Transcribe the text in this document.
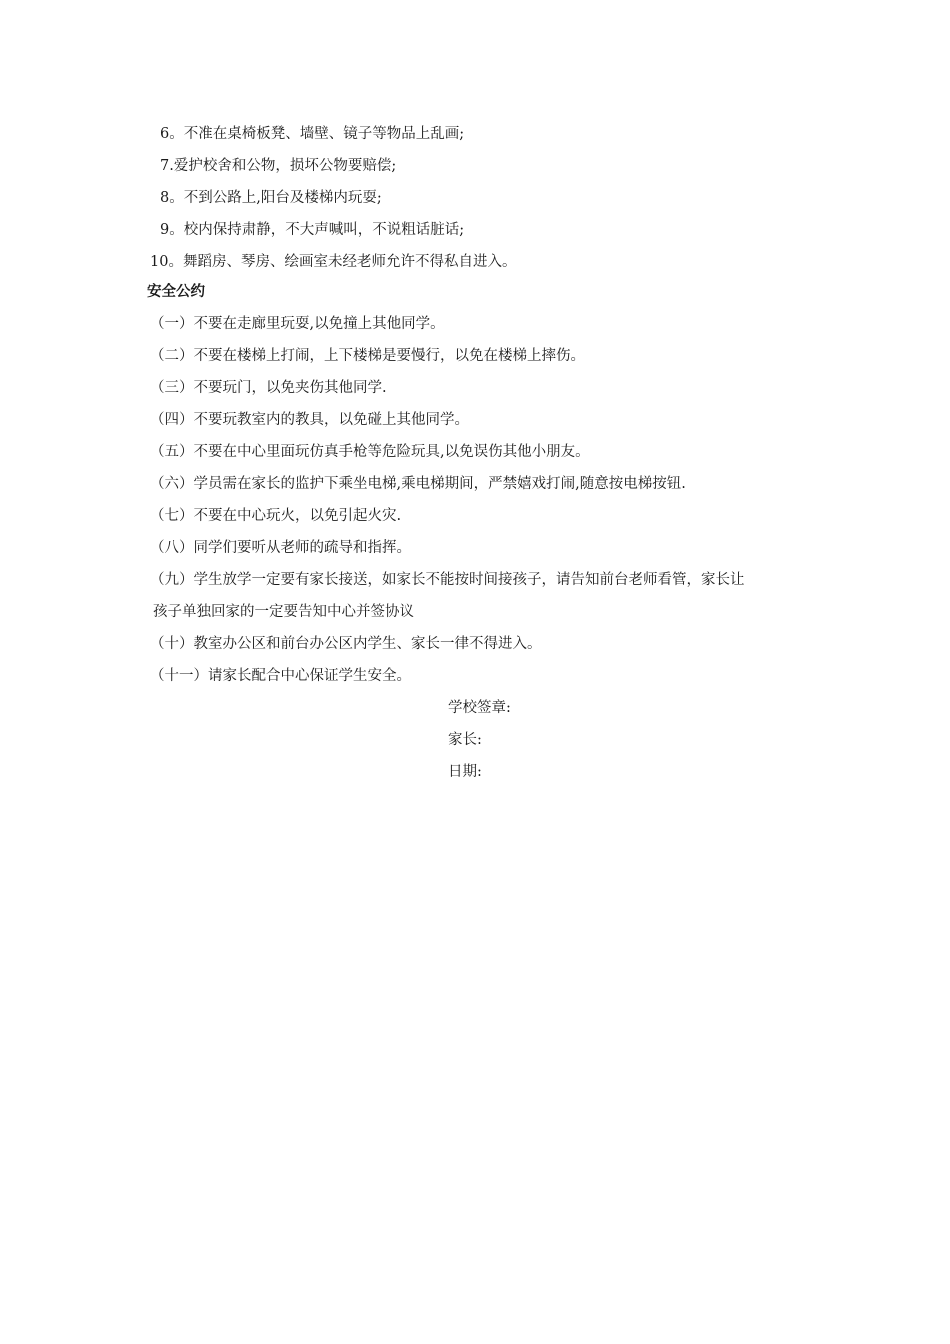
6。不准在桌椅板凳、墙壁、镜子等物品上乱画;
7.爱护校舍和公物，损坏公物要赔偿;
8。不到公路上,阳台及楼梯内玩耍;
9。校内保持肃静，不大声喊叫，不说粗话脏话;
10。舞蹈房、琴房、绘画室未经老师允许不得私自进入。
安全公约
（一）不要在走廊里玩耍,以免撞上其他同学。
（二）不要在楼梯上打闹，上下楼梯是要慢行，以免在楼梯上摔伤。
（三）不要玩门，以免夹伤其他同学.
（四）不要玩教室内的教具，以免碰上其他同学。
（五）不要在中心里面玩仿真手枪等危险玩具,以免误伤其他小朋友。
（六）学员需在家长的监护下乘坐电梯,乘电梯期间，严禁嬉戏打闹,随意按电梯按钮.
（七）不要在中心玩火，以免引起火灾.
（八）同学们要听从老师的疏导和指挥。
（九）学生放学一定要有家长接送，如家长不能按时间接孩子，请告知前台老师看管，家长让
孩子单独回家的一定要告知中心并签协议
（十）教室办公区和前台办公区内学生、家长一律不得进入。
（十一）请家长配合中心保证学生安全。
学校签章:
家长:
日期:
